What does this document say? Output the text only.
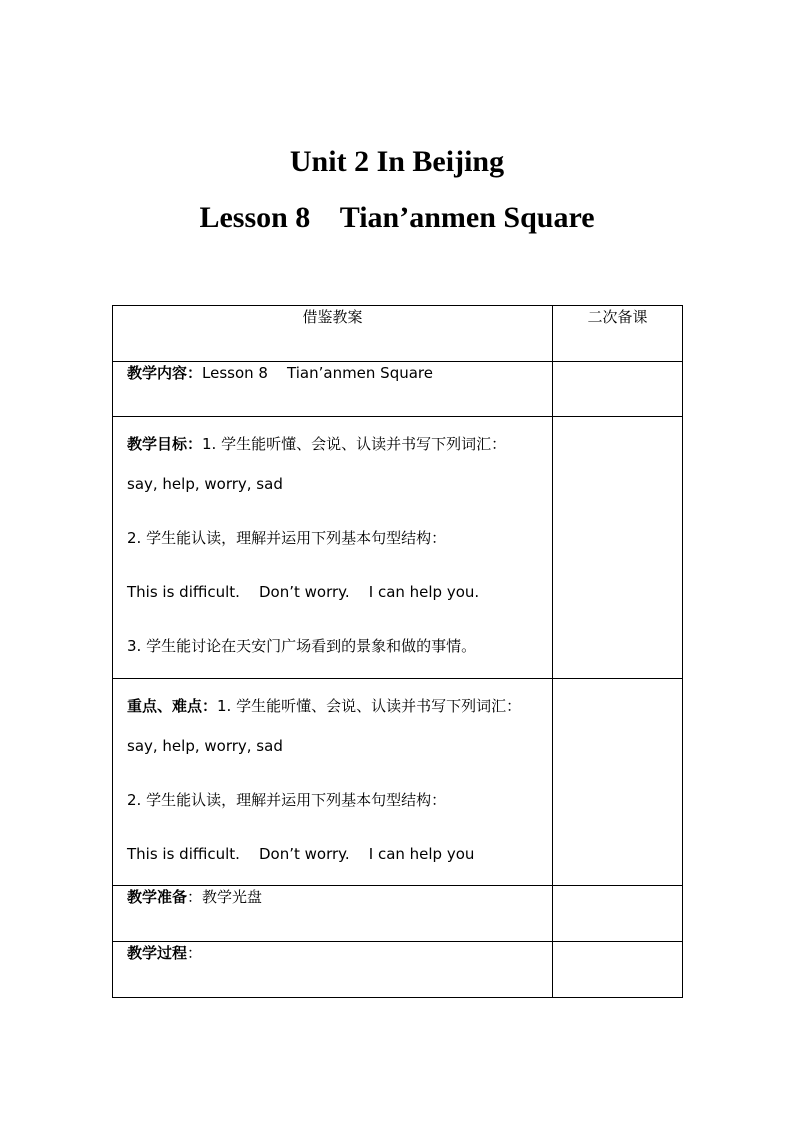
Unit 2 In Beijing
Lesson 8    Tian’anmen Square
借鉴教案	二次备课
教学内容：Lesson 8    Tian’anmen Square	

教学目标：1. 学生能听懂、会说、认读并书写下列词汇：
say, help, worry, sad
2. 学生能认读，理解并运用下列基本句型结构：
This is difficult.    Don’t worry.    I can help you.
3. 学生能讨论在天安门广场看到的景象和做的事情。	

重点、难点：1. 学生能听懂、会说、认读并书写下列词汇：
say, help, worry, sad
2. 学生能认读，理解并运用下列基本句型结构：
This is difficult.    Don’t worry.    I can help you	

教学准备：教学光盘	
教学过程：	
